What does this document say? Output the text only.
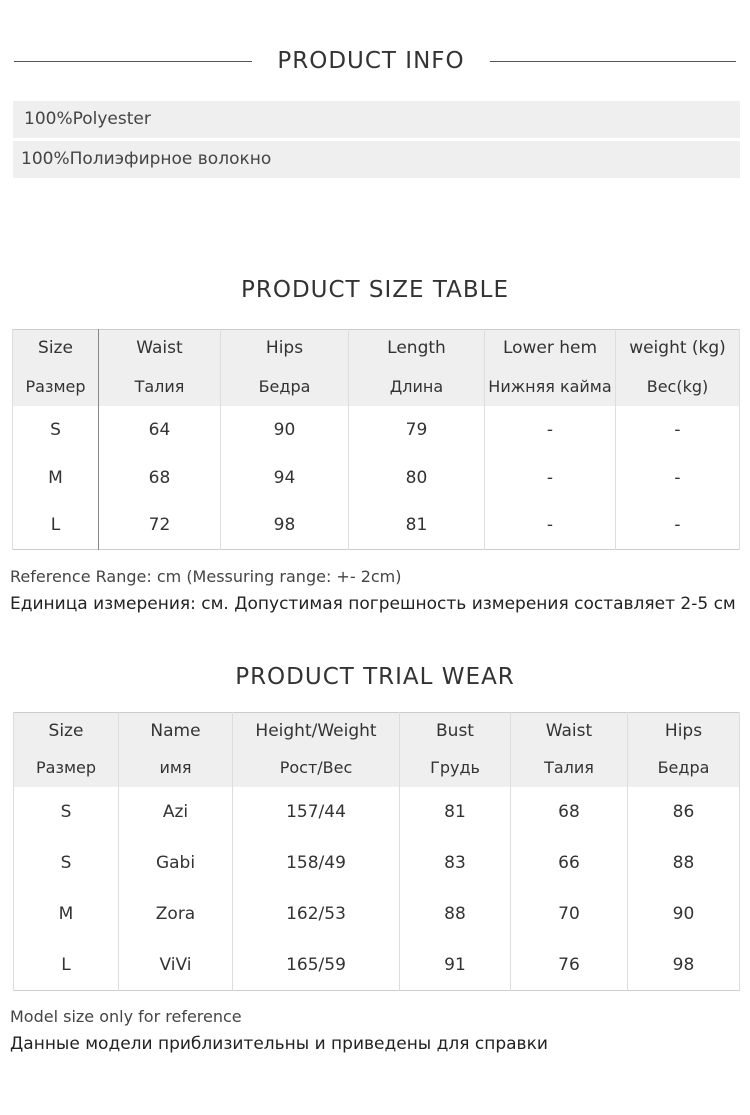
PRODUCT INFO
100%Polyester
100%Полиэфирное волокно
PRODUCT SIZE TABLE
Size	Waist	Hips	Length	Lower hem	weight (kg)
Размер	Талия	Бедра	Длина	Нижняя кайма	Вес(kg)
S	64	90	79	-	-
M	68	94	80	-	-
L	72	98	81	-	-
Reference Range: cm (Messuring range: +- 2cm)
Единица измерения: см. Допустимая погрешность измерения составляет 2-5 см
PRODUCT TRIAL WEAR
Size	Name	Height/Weight	Bust	Waist	Hips
Размер	имя	Рост/Вес	Грудь	Талия	Бедра
S	Azi	157/44	81	68	86
S	Gabi	158/49	83	66	88
M	Zora	162/53	88	70	90
L	ViVi	165/59	91	76	98
Model size only for reference
Данные модели приблизительны и приведены для справки
